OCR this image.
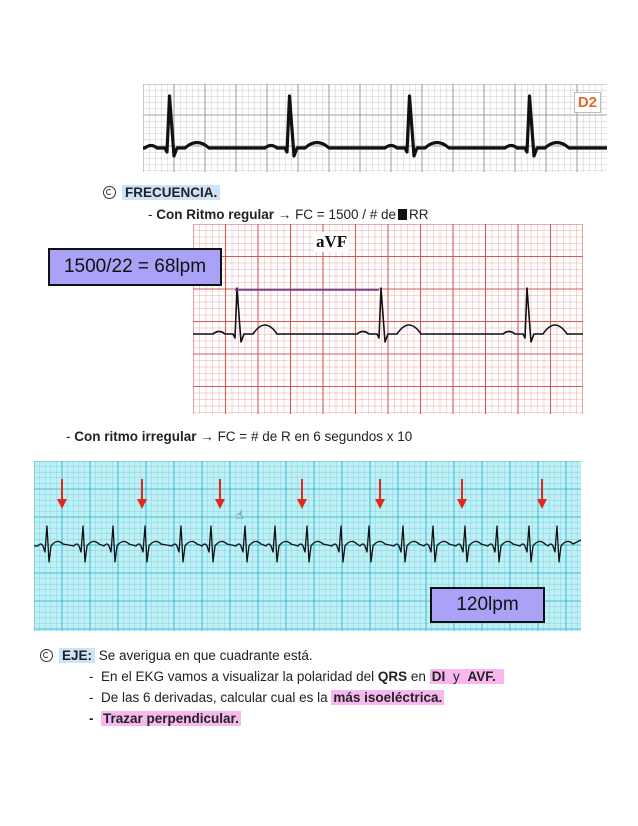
D2
FRECUENCIA.
- Con Ritmo regular → FC = 1500 / # de RR
aVF
1500/22 = 68lpm
- Con ritmo irregular → FC = # de R en 6 segundos x 10
☝
120lpm
EJE: Se averigua en que cuadrante está.
- En el EKG vamos a visualizar la polaridad del QRS en DI y AVF.
- De las 6 derivadas, calcular cual es la más isoeléctrica.
- Trazar perpendicular.
